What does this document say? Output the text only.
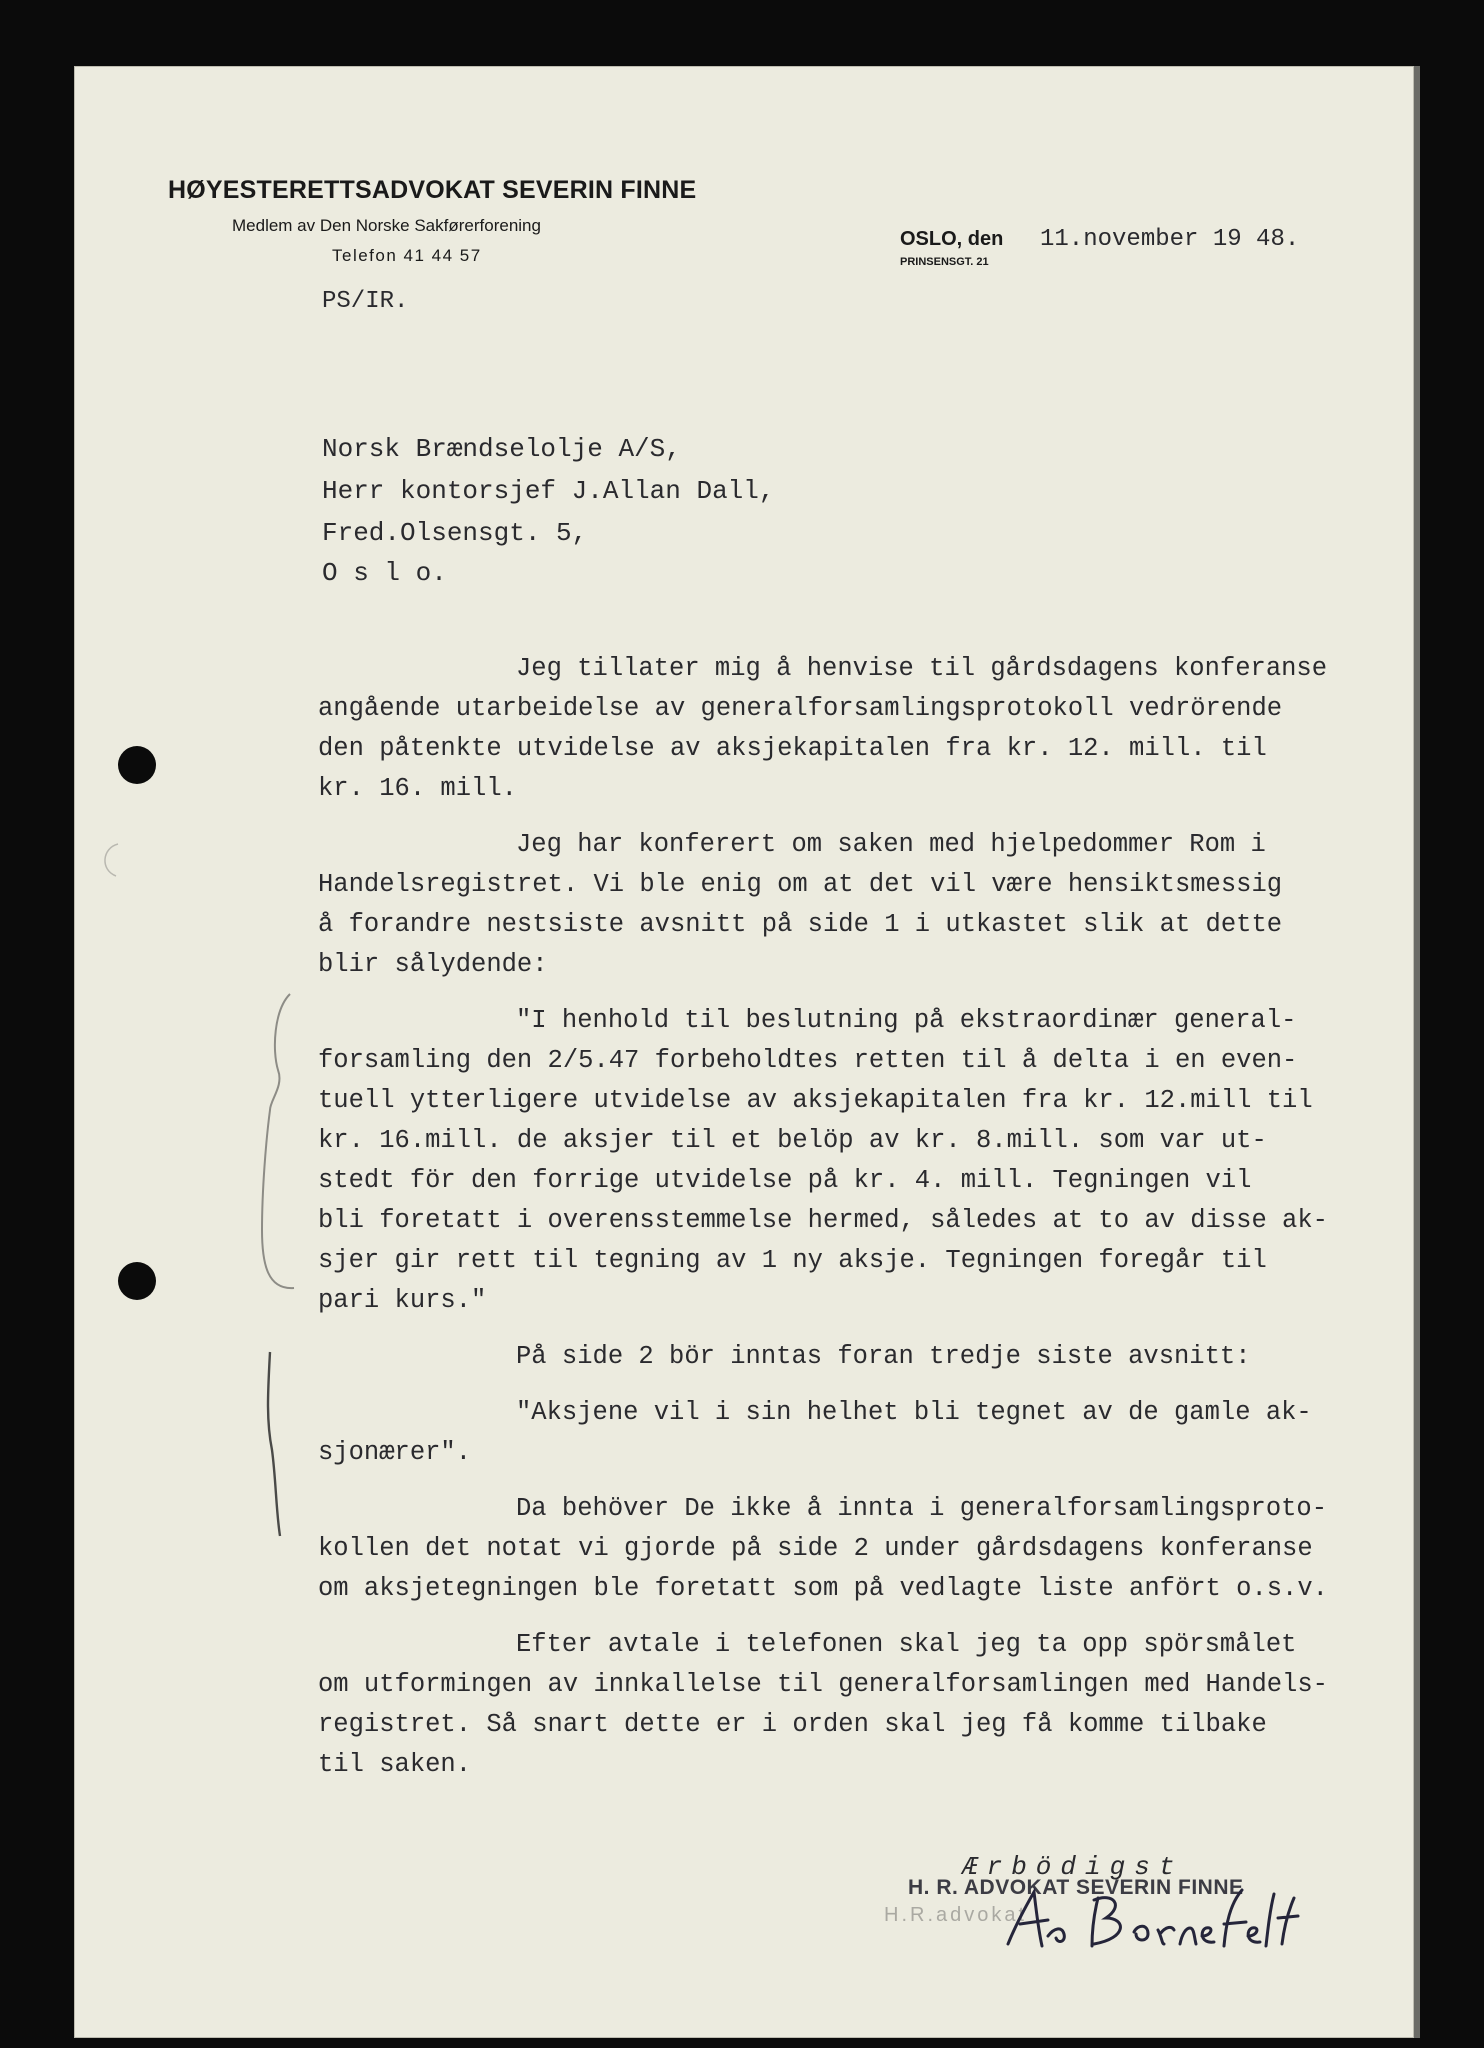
HØYESTERETTSADVOKAT SEVERIN FINNE
Medlem av Den Norske Sakførerforening
Telefon 41 44 57
OSLO, den
PRINSENSGT. 21
11.november 19 48.
PS/IR.
Norsk Brændselolje A/S,
Herr kontorsjef J.Allan Dall,
Fred.Olsensgt. 5,
O s l o.
Jeg tillater mig å henvise til gårdsdagens konferanse
angående utarbeidelse av generalforsamlingsprotokoll vedrörende
den påtenkte utvidelse av aksjekapitalen fra kr. 12. mill. til
kr. 16. mill.
Jeg har konferert om saken med hjelpedommer Rom i
Handelsregistret. Vi ble enig om at det vil være hensiktsmessig
å forandre nestsiste avsnitt på side 1 i utkastet slik at dette
blir sålydende:
"I henhold til beslutning på ekstraordinær general-
forsamling den 2/5.47 forbeholdtes retten til å delta i en even-
tuell ytterligere utvidelse av aksjekapitalen fra kr. 12.mill til
kr. 16.mill. de aksjer til et belöp av kr. 8.mill. som var ut-
stedt för den forrige utvidelse på kr. 4. mill. Tegningen vil
bli foretatt i overensstemmelse hermed, således at to av disse ak-
sjer gir rett til tegning av 1 ny aksje. Tegningen foregår til
pari kurs."
På side 2 bör inntas foran tredje siste avsnitt:
"Aksjene vil i sin helhet bli tegnet av de gamle ak-
sjonærer".
Da behöver De ikke å innta i generalforsamlingsproto-
kollen det notat vi gjorde på side 2 under gårdsdagens konferanse
om aksjetegningen ble foretatt som på vedlagte liste anfört o.s.v.
Efter avtale i telefonen skal jeg ta opp spörsmålet
om utformingen av innkallelse til generalforsamlingen med Handels-
registret. Så snart dette er i orden skal jeg få komme tilbake
til saken.
Ærbödigst
H. R. ADVOKAT SEVERIN FINNE
H.R.advokat
